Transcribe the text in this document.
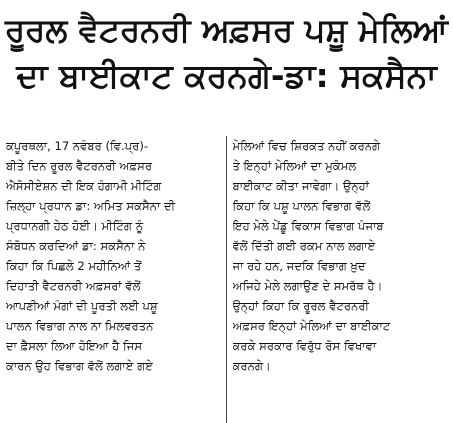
ਰੂਰਲ ਵੈਟਰਨਰੀ ਅਫ਼ਸਰ ਪਸ਼ੂ ਮੇਲਿਆਂ
ਦਾ ਬਾਈਕਾਟ ਕਰਨਗੇ-ਡਾ: ਸਕਸੈਨਾ
ਕਪੂਰਥਲਾ, 17 ਨਵੰਬਰ (ਵਿ.ਪ੍ਰ)-
ਬੀਤੇ ਦਿਨ ਰੂਰਲ ਵੈਟਰਨਰੀ ਅਫ਼ਸਰ
ਐਸੋਸੀਏਸ਼ਨ ਦੀ ਇਕ ਹੰਗਾਮੀ ਮੀਟਿੰਗ
ਜ਼ਿਲ੍ਹਾ ਪ੍ਰਧਾਨ ਡਾ: ਅਮਿਤ ਸਕਸੈਨਾ ਦੀ
ਪ੍ਰਧਾਨਗੀ ਹੇਠ ਹੋਈ। ਮੀਟਿੰਗ ਨੂੰ
ਸੰਬੋਧਨ ਕਰਦਿਆਂ ਡਾ: ਸਕਸੈਨਾ ਨੇ
ਕਿਹਾ ਕਿ ਪਿਛਲੇ 2 ਮਹੀਨਿਆਂ ਤੋਂ
ਦਿਹਾਤੀ ਵੈਟਰਨਰੀ ਅਫ਼ਸਰਾਂ ਵੱਲੋਂ
ਆਪਣੀਆਂ ਮੰਗਾਂ ਦੀ ਪੂਰਤੀ ਲਈ ਪਸ਼ੂ
ਪਾਲਨ ਵਿਭਾਗ ਨਾਲ ਨਾ ਮਿਲਵਰਤਨ
ਦਾ ਫ਼ੈਸਲਾ ਲਿਆ ਹੋਇਆ ਹੈ ਜਿਸ
ਕਾਰਨ ਉਹ ਵਿਭਾਗ ਵੱਲੋਂ ਲਗਾਏ ਗਏ
ਮੇਲਿਆਂ ਵਿਚ ਸ਼ਿਰਕਤ ਨਹੀਂ ਕਰਨਗੇ
ਤੇ ਇਨ੍ਹਾਂ ਮੇਲਿਆਂ ਦਾ ਮੁਕੰਮਲ
ਬਾਈਕਾਟ ਕੀਤਾ ਜਾਵੇਗਾ। ਉਨ੍ਹਾਂ
ਕਿਹਾ ਕਿ ਪਸ਼ੂ ਪਾਲਨ ਵਿਭਾਗ ਵੱਲੋਂ
ਇਹ ਮੇਲੇ ਪੇਂਡੂ ਵਿਕਾਸ ਵਿਭਾਗ ਪੰਜਾਬ
ਵੱਲੋਂ ਦਿੱਤੀ ਗਈ ਰਕਮ ਨਾਲ ਲਗਾਏ
ਜਾ ਰਹੇ ਹਨ, ਜਦਕਿ ਵਿਭਾਗ ਖ਼ੁਦ
ਅਜਿਹੇ ਮੇਲੇ ਲਗਾਉਣ ਦੇ ਸਮਰੱਥ ਹੈ।
ਉਨ੍ਹਾਂ ਕਿਹਾ ਕਿ ਰੂਰਲ ਵੈਟਰਨਰੀ
ਅਫ਼ਸਰ ਇਨ੍ਹਾਂ ਮੇਲਿਆਂ ਦਾ ਬਾਈਕਾਟ
ਕਰਕੇ ਸਰਕਾਰ ਵਿਰੁੱਧ ਰੋਸ ਵਿਖਾਵਾ
ਕਰਨਗੇ।
